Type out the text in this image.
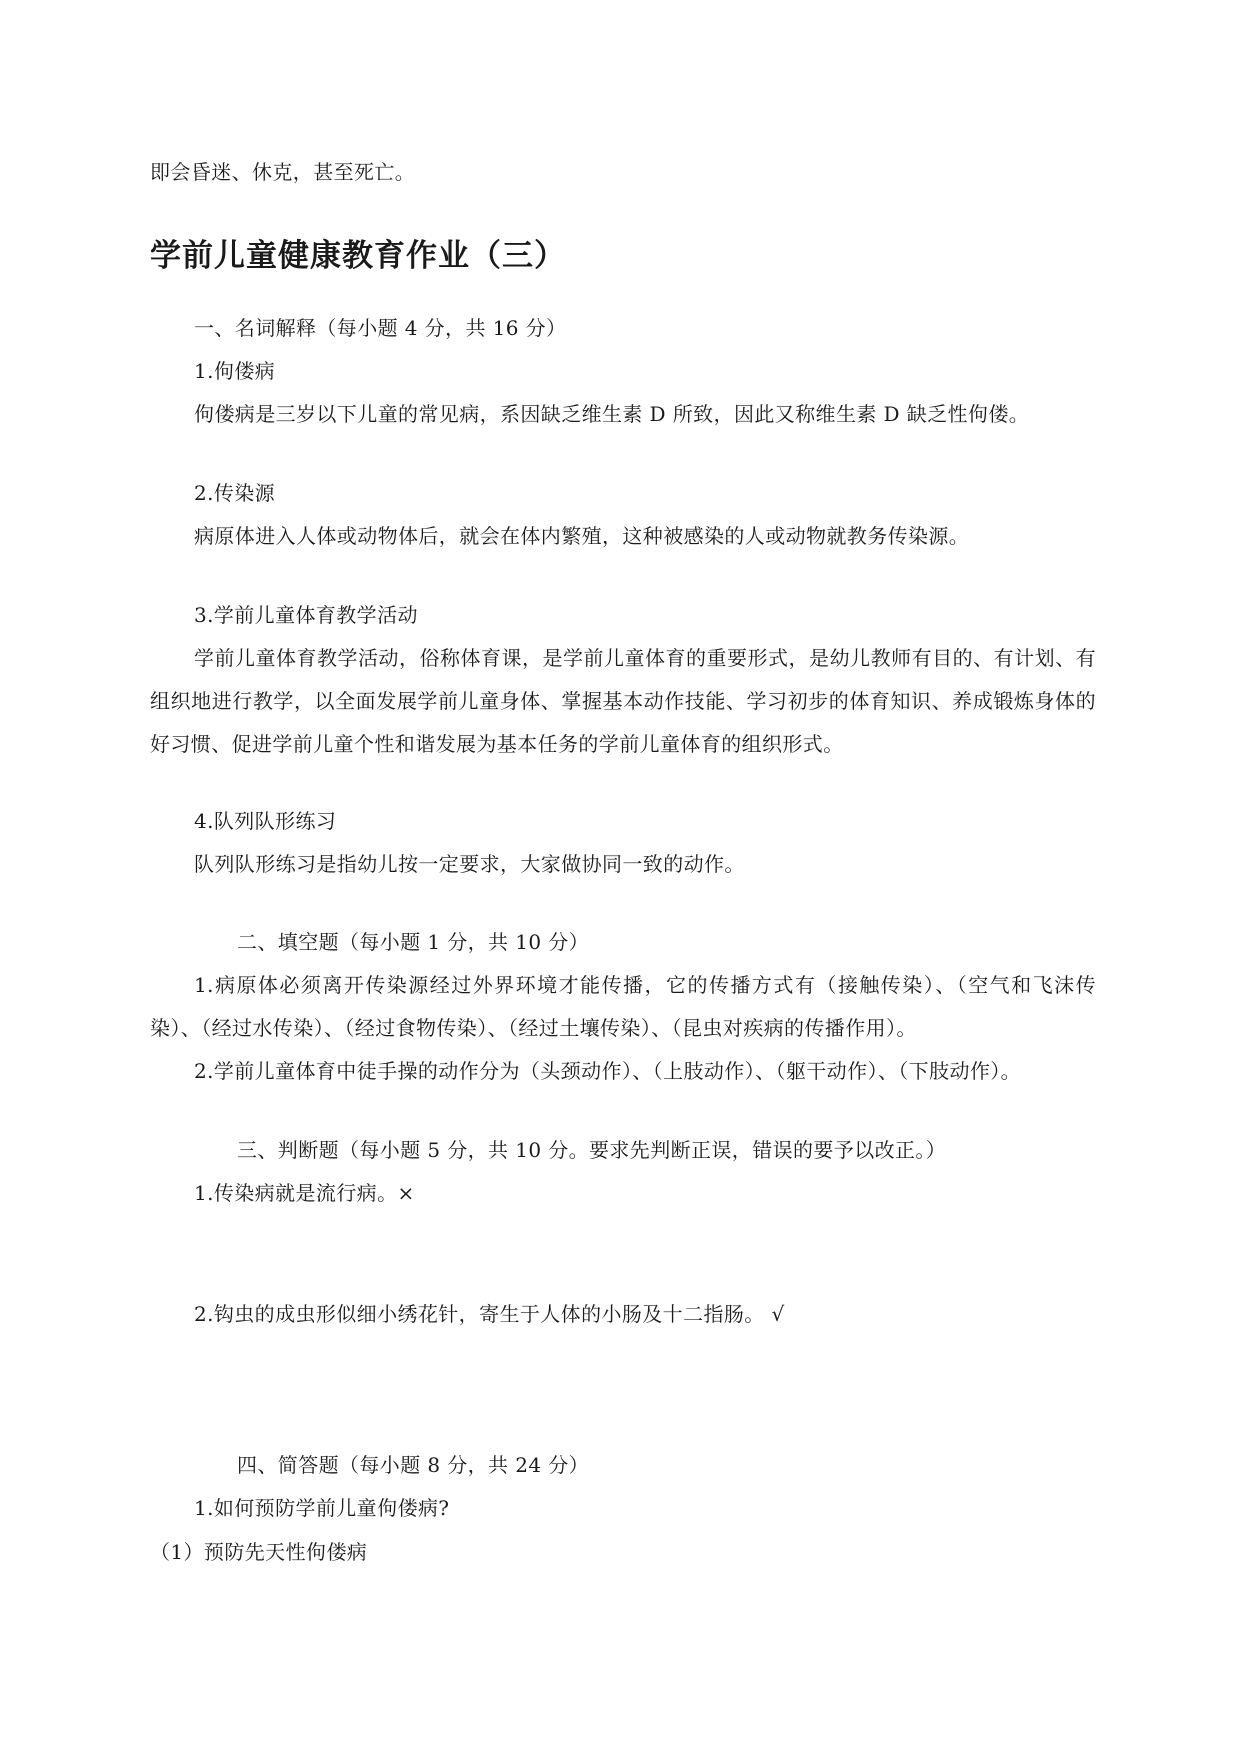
即会昏迷、休克，甚至死亡。
学前儿童健康教育作业（三）
一、名词解释（每小题 4 分，共 16 分）
1.佝偻病
佝偻病是三岁以下儿童的常见病，系因缺乏维生素 D 所致，因此又称维生素 D 缺乏性佝偻。
2.传染源
病原体进入人体或动物体后，就会在体内繁殖，这种被感染的人或动物就教务传染源。
3.学前儿童体育教学活动

学前儿童体育教学活动，俗称体育课，是学前儿童体育的重要形式，是幼儿教师有目的、有计划、有组织地进行教学，以全面发展学前儿童身体、掌握基本动作技能、学习初步的体育知识、养成锻炼身体的好习惯、促进学前儿童个性和谐发展为基本任务的学前儿童体育的组织形式。

4.队列队形练习
队列队形练习是指幼儿按一定要求，大家做协同一致的动作。
二、填空题（每小题 1 分，共 10 分）

1.病原体必须离开传染源经过外界环境才能传播，它的传播方式有（接触传染）、（空气和飞沫传染）、（经过水传染）、（经过食物传染）、（经过土壤传染）、（昆虫对疾病的传播作用）。

2.学前儿童体育中徒手操的动作分为（头颈动作）、（上肢动作）、（躯干动作）、（下肢动作）。
三、判断题（每小题 5 分，共 10 分。要求先判断正误，错误的要予以改正。）
1.传染病就是流行病。×
2.钩虫的成虫形似细小绣花针，寄生于人体的小肠及十二指肠。 √
四、简答题（每小题 8 分，共 24 分）
1.如何预防学前儿童佝偻病?
（1）预防先天性佝偻病
